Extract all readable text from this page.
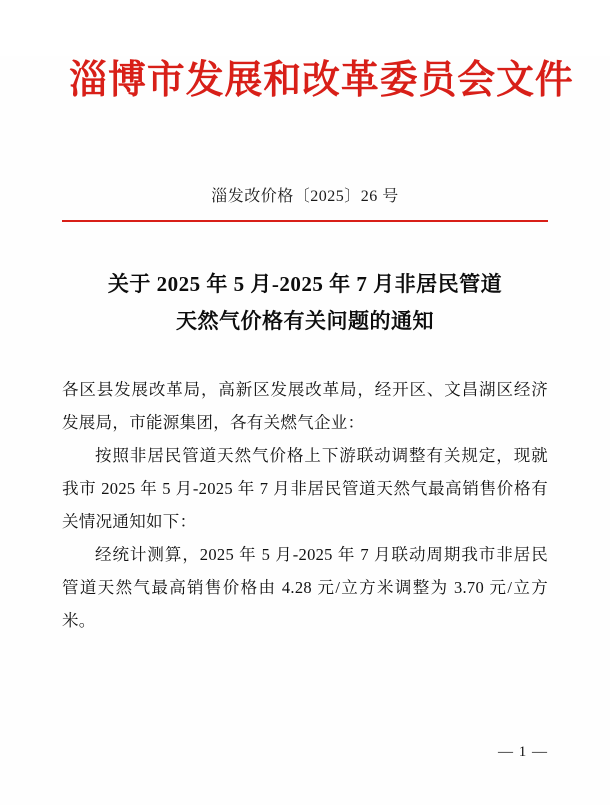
淄博市发展和改革委员会文件
淄发改价格〔2025〕26 号
关于 2025 年 5 月-2025 年 7 月非居民管道
天然气价格有关问题的通知

各区县发展改革局，高新区发展改革局，经开区、文昌湖区经济发展局，市能源集团，各有关燃气企业：

按照非居民管道天然气价格上下游联动调整有关规定，现就我市 2025 年 5 月-2025 年 7 月非居民管道天然气最高销售价格有关情况通知如下：

经统计测算，2025 年 5 月-2025 年 7 月联动周期我市非居民管道天然气最高销售价格由 4.28 元/立方米调整为 3.70 元/立方米。

— 1 —
